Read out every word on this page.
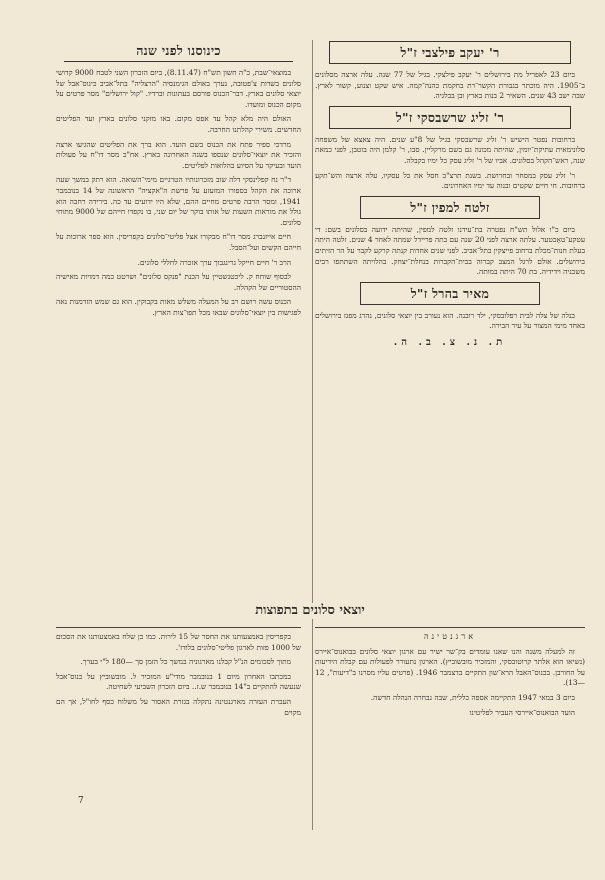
ר' יעקב פילצבי ז"ל

ביום 23 לאפריל מת בירושלים ר' יעקב פילצקי. בגיל של 77 שנה. עלה ארצה מסלונים ב־1905. היה מוכתר בגבורת הקשר־רת בחקמת כהנה־קמה. איש שקט וצנוע, קשור לארץ. שבה ישב 43 שנים. השאיר 2 בנות בארץ ובן בבלגיה.

ר' זליג שרשבסקי ז"ל

ברחובות נפטר הישיש ר' זליג שרשבסקי בגיל של 8"ע שנים. היה צאצא של משפחה סלונימאית עתיקת־יומין, שהיתה מכונה גם בשם מרקליין. סבו, ר' קלמן היה בוטבן, לפני כמאת שנה, ראש־הקהל בסלונים. אביו של ר' זליג עסק כל ימיו בקבלה.

ר' זליג עסק במסחר ובחרושת. בשנת תרצ"ב חסל את כל עסקיו, עלה ארצה והש־תקע ברחובות. חי חיים שקטים ובנוה עד ימיו האחרונים.

זלטה למפין ז"ל

ביום כ"ו אלול תש"ח נפטרה בת־עידנו זלטה למפין, שהיתה ידועה בסלונים בשם: די עטקע־טאָכטער. עלתה ארצה לפני 20 שנה עם בתה פריידל שמתה לאחר 4 שנים. זלטה היתה בעלת חנות־מכלת ברחוב פייצקין בתל־אביב. לפני שנים אחדות קנתה קרקע לקבר על הר הזיתים בירושלים. אולם לרגל המצב קברוה בבית־הקברות בנחלת־יצחק. בהלויתה השתתפו רבים משכניה וידידיה. בת 70 היתה במותה.

מאיר בהרל ז"ל

בנלה של צלה לבית רפלובסקי, ילד רובנה. הוא נעורב בין יוצאי סלונים, נהרג מפגז בירושלים באחד מימי המצור על עיר הבירה.

ת. נ. צ. ב. ה.
כינוסנו לפני שנה

במוצאי־שבת, כ"ה חשון תש"ח (8.11.47), ביום הזכרון השני לטבח 9000 קדושי סלונים בשדות צ'פטובה, נערך באולם הגימנסיה "הרצליה" בתל־אביב כינוס־אבל של יוצאי סלונים בארץ. דבר־הכנוס פורסם בעתונות וברדיו. "קול ירושלים" מסר פרטים על מקום הכנוס ומועדו.

האולם היה מלא קהל עד אפס מקום. באו מזקני סלונים בארץ ועד הפליטים החדשים. משירי קהלתנו החרבה.

מרדכי ספיר פתח את הכנוס בשם הועד. הוא ברך את הפליטים שהגיעו ארצה והזכיר את יוצאי־סלונים שנספו בשנה האחרונה בארץ. אח"כ מסר דו"ח על פעולות הועד ובעיקר על הסיוע בהלואות לפליטים.

ד"ר נח קפלינסקי דלה שוב מזכרונותיו הטרגיים מימי־השואה. הוא רתק במשך שעה ארוכה את הקהל בספורו המזעזע על פרשת ה"אקציה" הראשונה של 14 בנובמבר 1941, ומסר הרבה פרטים מחיים ההם, שלא היו ידועים עד כה. בירידה רחבה הוא גולל את מוראות השעות של אותו בוקר של יום שני, בו נקפדו חייהם של 9000 מתוחי סלונים.

חיים אייזנברג מסר דו"ח מבקורו אצל פליטי־סלונים בקפריסין. הוא ספר ארוכות על חייהם הקשים ועל־הסבל.

הרב ר' חיים חייקל גרינגבוך ערך אזכרה לחללי סלונים.

לבסוף שוחח ק. ליכטנשטיין על הכנת "פנקס סלונים" ושרטט כמה דמויות מאישיה ההסטוריים של הקהלה.

הכנוס עשה רושם רב על המעלה משלש מאות בקבוקין. הוא גם שמש הזדמנות נאה לפגישות בין יוצאי־סלונים שבאו מכל תפו־צות הארץ.

יוצאי סלונים בתפוצות

בקפריסין באמצעותנו את החסר של 15 לירות. כמו כן שלח באמצעותנו את הסכום של 1000 פזות לארגון פליטי־סלונים בלודז'.

מתוך לסכומים הנ"ל קבלנו מארגוניה במשך כל הזמן סך —180 ל"י בערך.

במכתבו האחרון מיום 1 בנובמבר מודי"ע המזכיר ל. מובשוביץ על כנוס־אבל שנעשה להתקיים ב"14 בנובמבר ש.ז.. ביום הזכרון השביעי לשחיטה.

העברת העזרה מארגנטינה נתקלה בגזרת האסור על משלוח כסף לחו"ל, אך הם מקוים

ארגנטינה

זה למעלה משנה והנו שאנו עומדים בק־שר ישיר עם ארגון יוצאי סלונים בבואנוס־איירס (נשיאו הוא אלתר קרוטובסקי, והמזכיר מובשוביץ). הארגון נתעורר לפעולות עם קבלת הידיעות על החורבן. בכנוס־האבל הרא־שון התקיים בדצמבר 1946. (פרטים עליו מסרנו ב"דיעות", 12—13).

ביום 3 במאי 1947 התקיימה אספה כללית, שבה נבחרה הנהלה חדשה.

הועד הבואנוס־איירסי העביר לפליטינו

7
